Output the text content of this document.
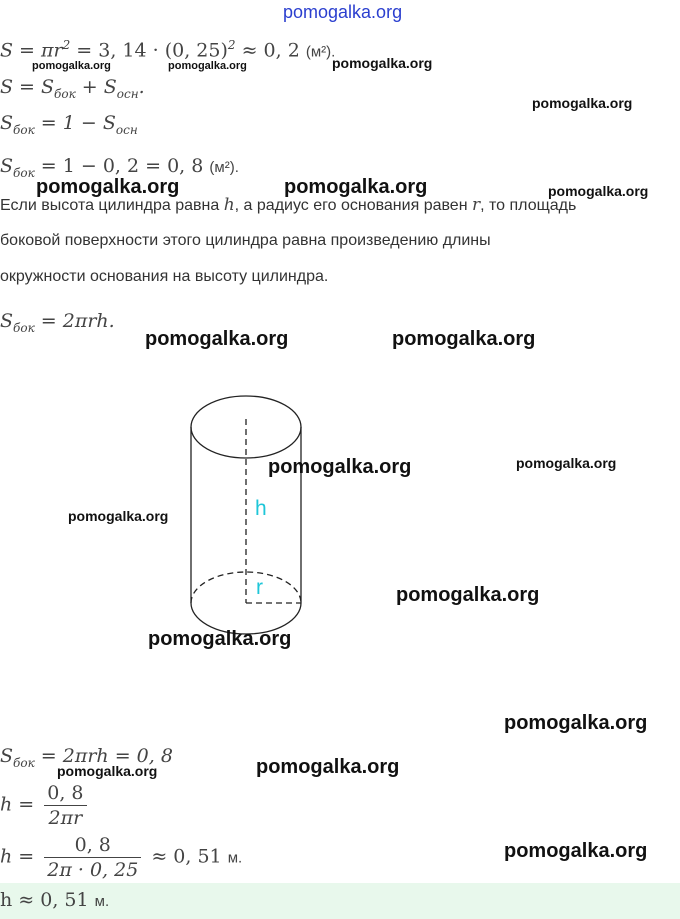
pomogalka.org
$S = \pi r^2 = 3$, 14 · (0, 25)$^2$ ≈ 0, 2 (м²).
pomogalka.org	pomogalka.org	pomogalka.org
$S = S_{бок} + S_{осн}$.
pomogalka.org
$S_{бок} = 1 - S_{осн}$
$S_{бок} = 1 - 0$, 2 = 0, 8 (м²).
pomogalka.org	pomogalka.org	pomogalka.org
Если высота цилиндра равна h, а радиус его основания равен r, то площадь
боковой поверхности этого цилиндра равна произведению длины
окружности основания на высоту цилиндра.
$S_{бок} = 2\pi rh$.
pomogalka.org	pomogalka.org
h
r
pomogalka.org	pomogalka.org
pomogalka.org
pomogalka.org
pomogalka.org
pomogalka.org
$S_{бок} = 2\pi rh = 0$, 8
pomogalka.org	pomogalka.org
$h = \frac{0, 8}{2\pi r}$
$h = \frac{0, 8}{2\pi \cdot 0, 25} \approx 0$, 51 м.	pomogalka.org
h ≈ 0, 51 м.
